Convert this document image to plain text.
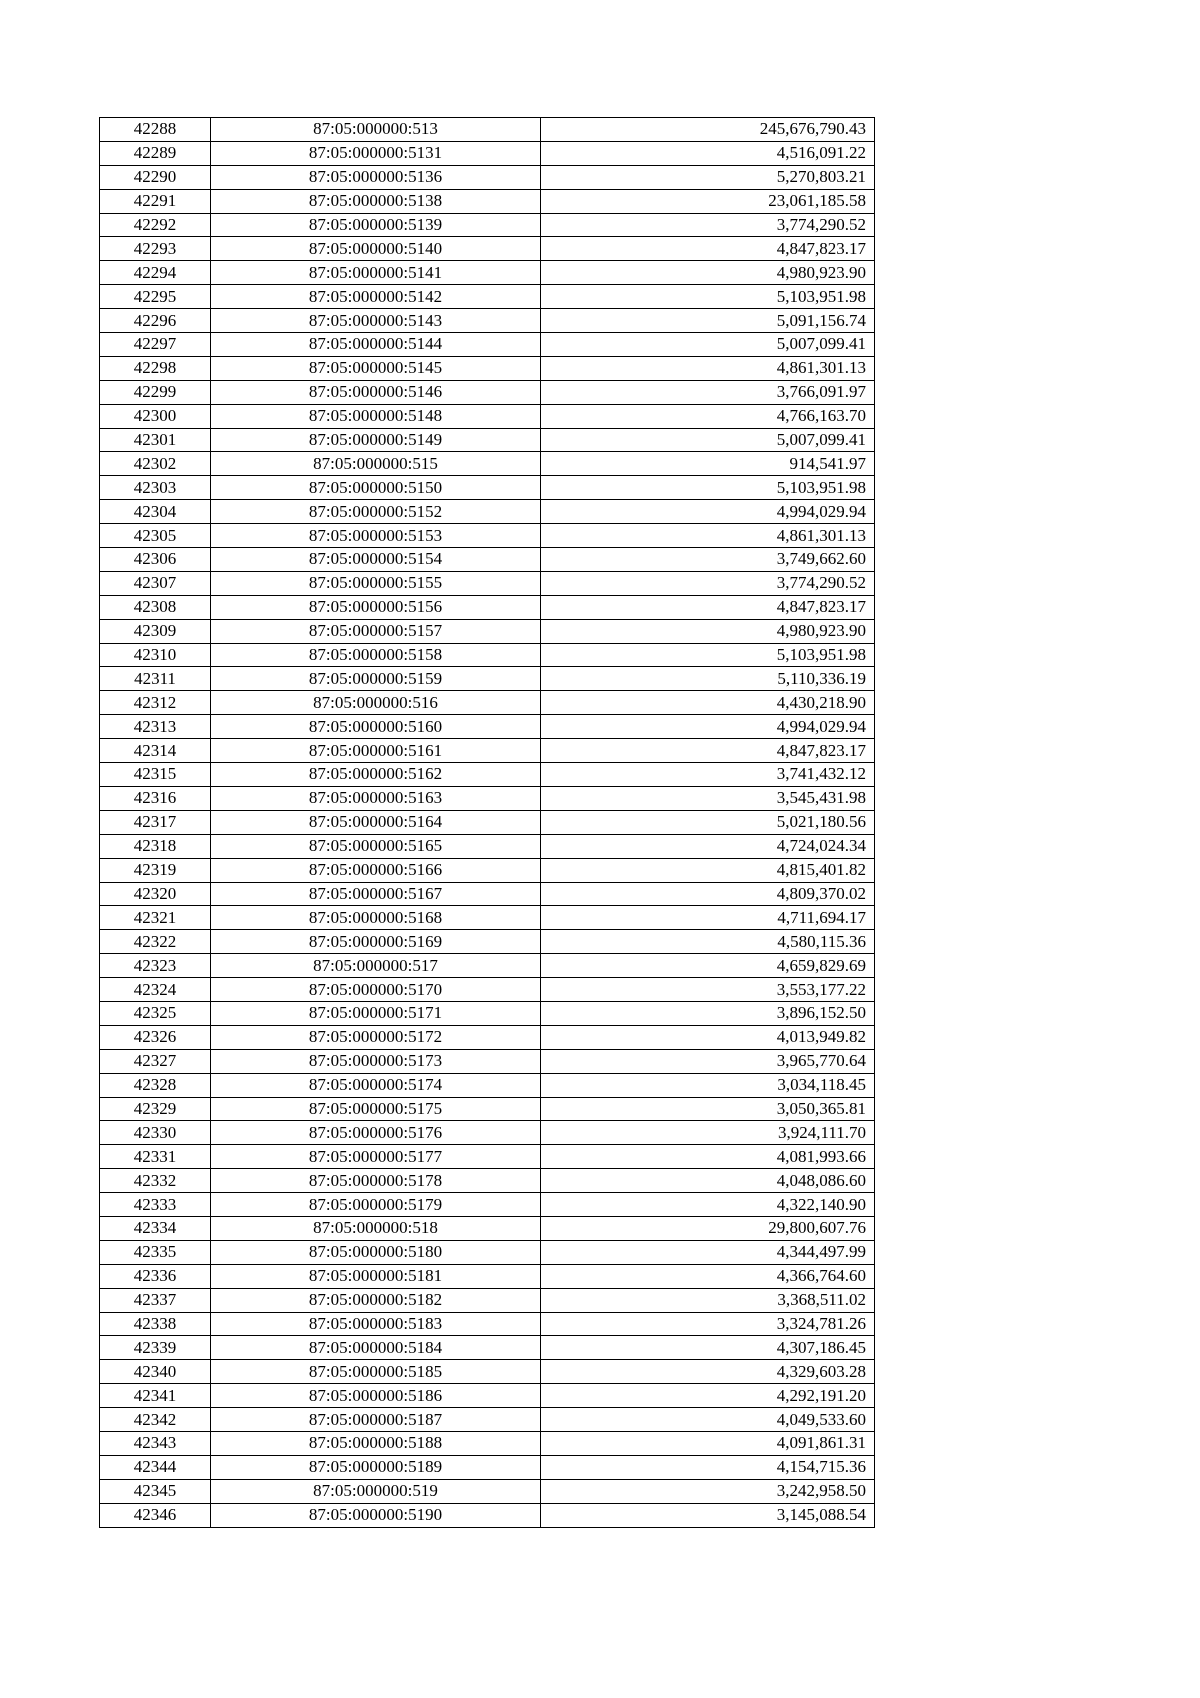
42288	87:05:000000:513	245,676,790.43
42289	87:05:000000:5131	4,516,091.22
42290	87:05:000000:5136	5,270,803.21
42291	87:05:000000:5138	23,061,185.58
42292	87:05:000000:5139	3,774,290.52
42293	87:05:000000:5140	4,847,823.17
42294	87:05:000000:5141	4,980,923.90
42295	87:05:000000:5142	5,103,951.98
42296	87:05:000000:5143	5,091,156.74
42297	87:05:000000:5144	5,007,099.41
42298	87:05:000000:5145	4,861,301.13
42299	87:05:000000:5146	3,766,091.97
42300	87:05:000000:5148	4,766,163.70
42301	87:05:000000:5149	5,007,099.41
42302	87:05:000000:515	914,541.97
42303	87:05:000000:5150	5,103,951.98
42304	87:05:000000:5152	4,994,029.94
42305	87:05:000000:5153	4,861,301.13
42306	87:05:000000:5154	3,749,662.60
42307	87:05:000000:5155	3,774,290.52
42308	87:05:000000:5156	4,847,823.17
42309	87:05:000000:5157	4,980,923.90
42310	87:05:000000:5158	5,103,951.98
42311	87:05:000000:5159	5,110,336.19
42312	87:05:000000:516	4,430,218.90
42313	87:05:000000:5160	4,994,029.94
42314	87:05:000000:5161	4,847,823.17
42315	87:05:000000:5162	3,741,432.12
42316	87:05:000000:5163	3,545,431.98
42317	87:05:000000:5164	5,021,180.56
42318	87:05:000000:5165	4,724,024.34
42319	87:05:000000:5166	4,815,401.82
42320	87:05:000000:5167	4,809,370.02
42321	87:05:000000:5168	4,711,694.17
42322	87:05:000000:5169	4,580,115.36
42323	87:05:000000:517	4,659,829.69
42324	87:05:000000:5170	3,553,177.22
42325	87:05:000000:5171	3,896,152.50
42326	87:05:000000:5172	4,013,949.82
42327	87:05:000000:5173	3,965,770.64
42328	87:05:000000:5174	3,034,118.45
42329	87:05:000000:5175	3,050,365.81
42330	87:05:000000:5176	3,924,111.70
42331	87:05:000000:5177	4,081,993.66
42332	87:05:000000:5178	4,048,086.60
42333	87:05:000000:5179	4,322,140.90
42334	87:05:000000:518	29,800,607.76
42335	87:05:000000:5180	4,344,497.99
42336	87:05:000000:5181	4,366,764.60
42337	87:05:000000:5182	3,368,511.02
42338	87:05:000000:5183	3,324,781.26
42339	87:05:000000:5184	4,307,186.45
42340	87:05:000000:5185	4,329,603.28
42341	87:05:000000:5186	4,292,191.20
42342	87:05:000000:5187	4,049,533.60
42343	87:05:000000:5188	4,091,861.31
42344	87:05:000000:5189	4,154,715.36
42345	87:05:000000:519	3,242,958.50
42346	87:05:000000:5190	3,145,088.54
